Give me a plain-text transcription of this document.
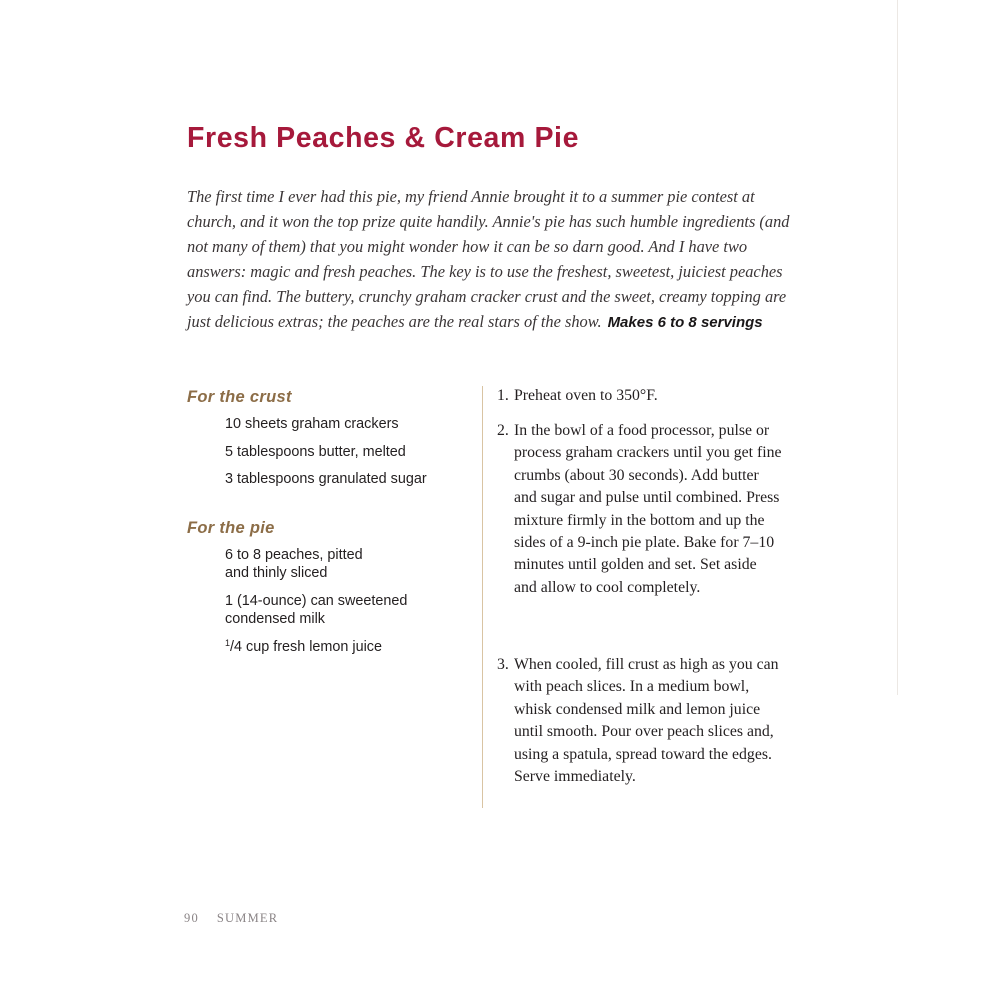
Fresh Peaches & Cream Pie

The first time I ever had this pie, my friend Annie brought it to a summer pie contest at church, and it won the top prize quite handily. Annie's pie has such humble ingredients (and not many of them) that you might wonder how it can be so darn good. And I have two answers: magic and fresh peaches. The key is to use the freshest, sweetest, juiciest peaches you can find. The buttery, crunchy graham cracker crust and the sweet, creamy topping are just delicious extras; the peaches are the real stars of the show. Makes 6 to 8 servings

For the crust

10 sheets graham crackers

5 tablespoons butter, melted

3 tablespoons granulated sugar

For the pie

6 to 8 peaches, pitted and thinly sliced

1 (14-ounce) can sweetened condensed milk

$^1$/4 cup fresh lemon juice

1. Preheat oven to 350°F.

2. In the bowl of a food processor, pulse or process graham crackers until you get fine crumbs (about 30 seconds). Add butter and sugar and pulse until combined. Press mixture firmly in the bottom and up the sides of a 9-inch pie plate. Bake for 7–10 minutes until golden and set. Set aside and allow to cool completely.

3. When cooled, fill crust as high as you can with peach slices. In a medium bowl, whisk condensed milk and lemon juice until smooth. Pour over peach slices and, using a spatula, spread toward the edges. Serve immediately.

90 SUMMER
